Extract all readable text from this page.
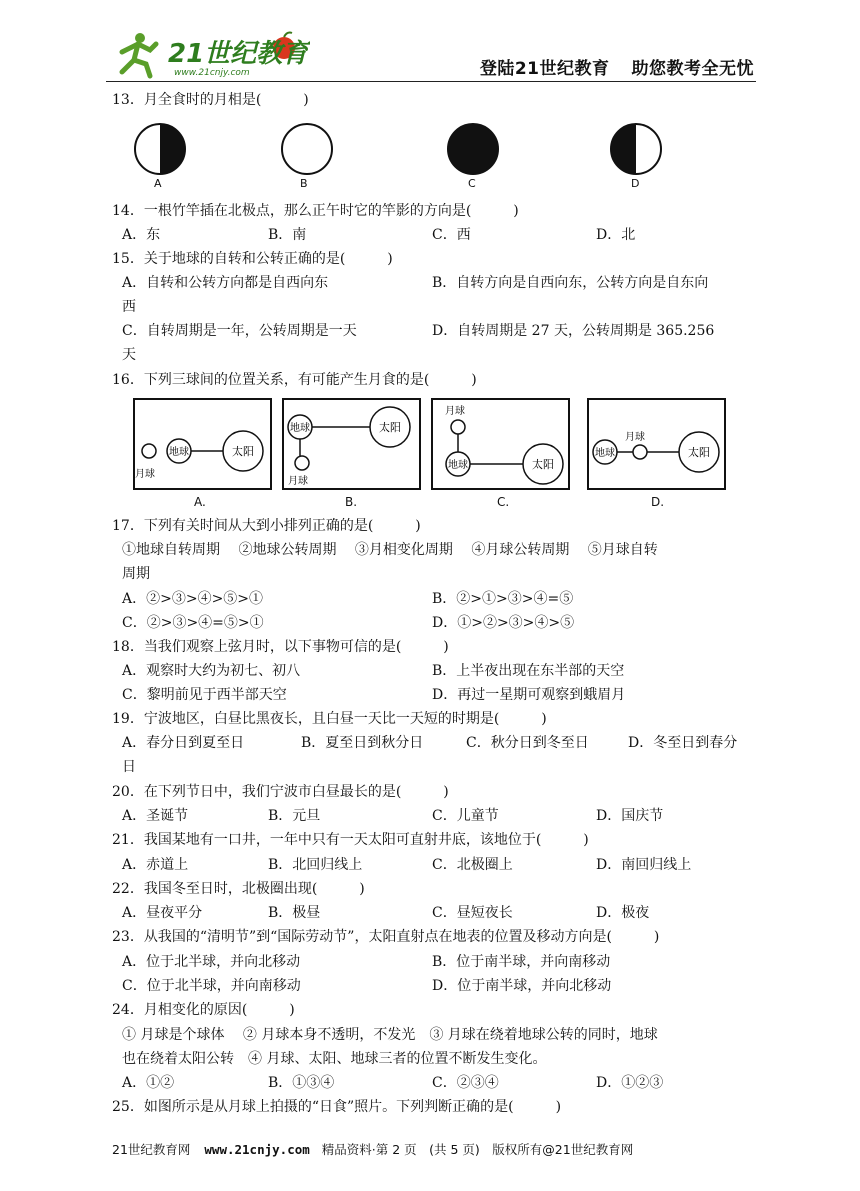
21世纪教育
www.21cnjy.com	登陆21世纪教育 助您教考全无忧
13．月全食时的月相是(　　　)
A	B	C	D
14．一根竹竿插在北极点，那么正午时它的竿影的方向是(　　　)
A．东	B．南	C．西	D．北
15．关于地球的自转和公转正确的是(　　　)
A．自转和公转方向都是自西向东	B．自转方向是自西向东，公转方向是自东向
西
C．自转周期是一年，公转周期是一天	D．自转周期是 27 天，公转周期是 365.256
天
16．下列三球间的位置关系，有可能产生月食的是(　　　)
地球	太阳
月球
A.
地球	太阳
月球
B.
月球
地球	太阳
C.
地球
月球
太阳
D.
17．下列有关时间从大到小排列正确的是(　　　)
①地球自转周期　 ②地球公转周期　 ③月相变化周期　 ④月球公转周期　 ⑤月球自转
周期
A．②>③>④>⑤>①	B．②>①>③>④=⑤
C．②>③>④=⑤>①	D．①>②>③>④>⑤
18．当我们观察上弦月时，以下事物可信的是(　　　)
A．观察时大约为初七、初八	B．上半夜出现在东半部的天空
C．黎明前见于西半部天空	D．再过一星期可观察到蛾眉月
19．宁波地区，白昼比黑夜长，且白昼一天比一天短的时期是(　　　)
A．春分日到夏至日	B．夏至日到秋分日	C．秋分日到冬至日	D．冬至日到春分
日
20．在下列节日中，我们宁波市白昼最长的是(　　　)
A．圣诞节	B．元旦	C．儿童节	D．国庆节
21．我国某地有一口井，一年中只有一天太阳可直射井底，该地位于(　　　)
A．赤道上	B．北回归线上	C．北极圈上	D．南回归线上
22．我国冬至日时，北极圈出现(　　　)
A．昼夜平分	B．极昼	C．昼短夜长	D．极夜
23．从我国的“清明节”到“国际劳动节”，太阳直射点在地表的位置及移动方向是(　　　)
A．位于北半球，并向北移动	B．位于南半球，并向南移动
C．位于北半球，并向南移动	D．位于南半球，并向北移动
24．月相变化的原因(　　　)
① 月球是个球体　 ② 月球本身不透明，不发光　③ 月球在绕着地球公转的同时，地球
也在绕着太阳公转　④ 月球、太阳、地球三者的位置不断发生变化。
A．①②	B．①③④	C．②③④	D．①②③
25．如图所示是从月球上拍摄的“日食”照片。下列判断正确的是(　　　)
21世纪教育网 www.21cnjy.com 精品资料·第 2 页　(共 5 页)　版权所有@21世纪教育网
